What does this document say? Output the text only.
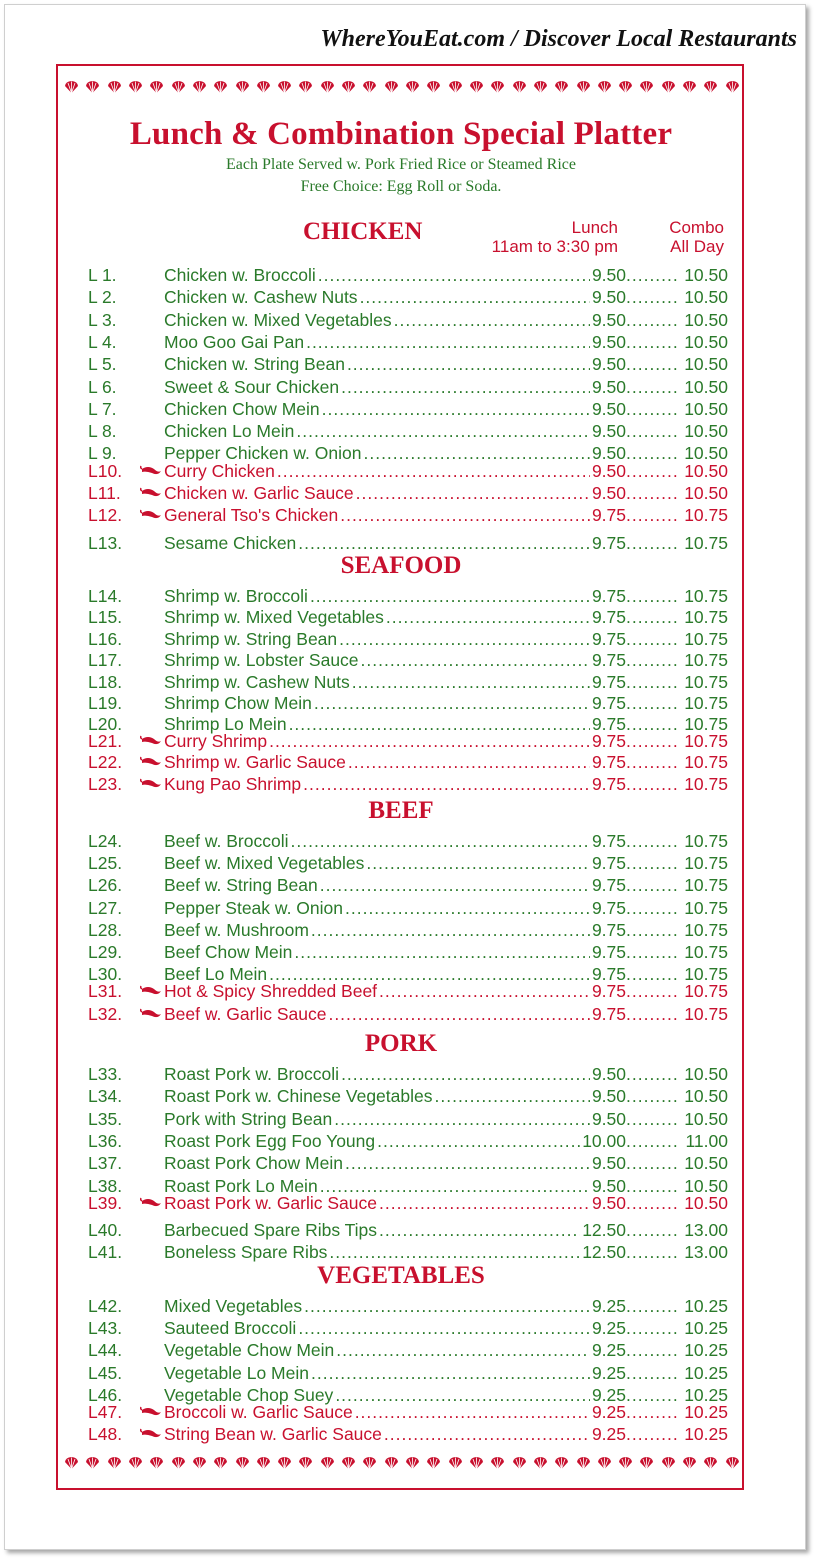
WhereYouEat.com / Discover Local Restaurants
Lunch & Combination Special Platter
Each Plate Served w. Pork Fried Rice or Steamed Rice
Free Choice: Egg Roll or Soda.
Lunch
11am to 3:30 pm
Combo
All Day
CHICKEN
L 1.	Chicken w. Broccoli .....	9.50 .....	10.50
L 2.	Chicken w. Cashew Nuts .....	9.50 .....	10.50
L 3.	Chicken w. Mixed Vegetables .....	9.50 .....	10.50
L 4.	Moo Goo Gai Pan .....	9.50 .....	10.50
L 5.	Chicken w. String Bean .....	9.50 .....	10.50
L 6.	Sweet & Sour Chicken .....	9.50 .....	10.50
L 7.	Chicken Chow Mein .....	9.50 .....	10.50
L 8.	Chicken Lo Mein .....	9.50 .....	10.50
L 9.	Pepper Chicken w. Onion .....	9.50 .....	10.50
L10.	Curry Chicken .....	9.50 .....	10.50
L11.	Chicken w. Garlic Sauce .....	9.50 .....	10.50
L12.	General Tso's Chicken .....	9.75 .....	10.75
L13.	Sesame Chicken .....	9.75 .....	10.75
SEAFOOD
L14.	Shrimp w. Broccoli .....	9.75 .....	10.75
L15.	Shrimp w. Mixed Vegetables .....	9.75 .....	10.75
L16.	Shrimp w. String Bean .....	9.75 .....	10.75
L17.	Shrimp w. Lobster Sauce .....	9.75 .....	10.75
L18.	Shrimp w. Cashew Nuts .....	9.75 .....	10.75
L19.	Shrimp Chow Mein .....	9.75 .....	10.75
L20.	Shrimp Lo Mein .....	9.75 .....	10.75
L21.	Curry Shrimp .....	9.75 .....	10.75
L22.	Shrimp w. Garlic Sauce .....	9.75 .....	10.75
L23.	Kung Pao Shrimp .....	9.75 .....	10.75
BEEF
L24.	Beef w. Broccoli .....	9.75 .....	10.75
L25.	Beef w. Mixed Vegetables .....	9.75 .....	10.75
L26.	Beef w. String Bean .....	9.75 .....	10.75
L27.	Pepper Steak w. Onion .....	9.75 .....	10.75
L28.	Beef w. Mushroom .....	9.75 .....	10.75
L29.	Beef Chow Mein .....	9.75 .....	10.75
L30.	Beef Lo Mein .....	9.75 .....	10.75
L31.	Hot & Spicy Shredded Beef .....	9.75 .....	10.75
L32.	Beef w. Garlic Sauce .....	9.75 .....	10.75
PORK
L33.	Roast Pork w. Broccoli .....	9.50 .....	10.50
L34.	Roast Pork w. Chinese Vegetables .....	9.50 .....	10.50
L35.	Pork with String Bean .....	9.50 .....	10.50
L36.	Roast Pork Egg Foo Young .....	10.00 .....	11.00
L37.	Roast Pork Chow Mein .....	9.50 .....	10.50
L38.	Roast Pork Lo Mein .....	9.50 .....	10.50
L39.	Roast Pork w. Garlic Sauce .....	9.50 .....	10.50
L40.	Barbecued Spare Ribs Tips .....	12.50 .....	13.00
L41.	Boneless Spare Ribs .....	12.50 .....	13.00
VEGETABLES
L42.	Mixed Vegetables .....	9.25 .....	10.25
L43.	Sauteed Broccoli .....	9.25 .....	10.25
L44.	Vegetable Chow Mein .....	9.25 .....	10.25
L45.	Vegetable Lo Mein .....	9.25 .....	10.25
L46.	Vegetable Chop Suey .....	9.25 .....	10.25
L47.	Broccoli w. Garlic Sauce .....	9.25 .....	10.25
L48.	String Bean w. Garlic Sauce .....	9.25 .....	10.25
